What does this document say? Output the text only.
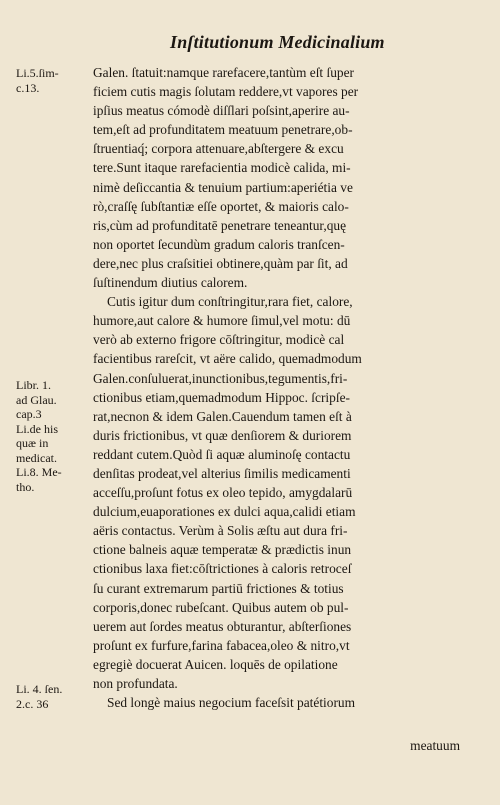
Inſtitutionum Medicinalium
Li.5.ſim-
c.13.
Libr. 1.
ad Glau.
cap.3
Li.de his
quæ in
medicat.
Li.8. Me-
tho.
Li. 4. ſen.
2.c. 36
Galen. ſtatuit:namque rarefacere,tantùm eſt ſuper
ficiem cutis magis ſolutam reddere,vt vapores per
ipſius meatus cómodè diſſlari poſsint,aperire au-
tem,eſt ad profunditatem meatuum penetrare,ob-
ſtruentiaq́; corpora attenuare,abſtergere & excu
tere.Sunt itaque rarefacientia modicè calida, mi-
nimè deſiccantia & tenuium partium:aperiétia ve
rò,craſſę ſubſtantiæ eſſe oportet, & maioris calo-
ris,cùm ad profunditatē penetrare teneantur,quę
non oportet ſecundùm gradum caloris tranſcen-
dere,nec plus craſsitiei obtinere,quàm par ſit, ad
ſuſtinendum diutius calorem.
Cutis igitur dum conſtringitur,rara fiet, calore,
humore,aut calore & humore ſimul,vel motu: dū
verò ab externo frigore cōſtringitur, modicè cal
facientibus rareſcit, vt aëre calido, quemadmodum
Galen.conſuluerat,inunctionibus,tegumentis,fri-
ctionibus etiam,quemadmodum Hippoc. ſcripſe-
rat,necnon & idem Galen.Cauendum tamen eſt à
duris frictionibus, vt quæ denſiorem & duriorem
reddant cutem.Quòd ſi aquæ aluminoſę contactu
denſitas prodeat,vel alterius ſimilis medicamenti
acceſſu,proſunt fotus ex oleo tepido, amygdalarū
dulcium,euaporationes ex dulci aqua,calidi etiam
aëris contactus. Verùm à Solis æſtu aut dura fri-
ctione balneis aquæ temperatæ & prædictis inun
ctionibus laxa fiet:cōſtrictiones à caloris retroceſ
ſu curant extremarum partiū frictiones & totius
corporis,donec rubeſcant. Quibus autem ob pul-
uerem aut ſordes meatus obturantur, abſterſiones
proſunt ex furfure,farina fabacea,oleo & nitro,vt
egregiè docuerat Auicen. loquēs de opilatione
non profundata.
Sed longè maius negocium faceſsit patétiorum
meatuum
